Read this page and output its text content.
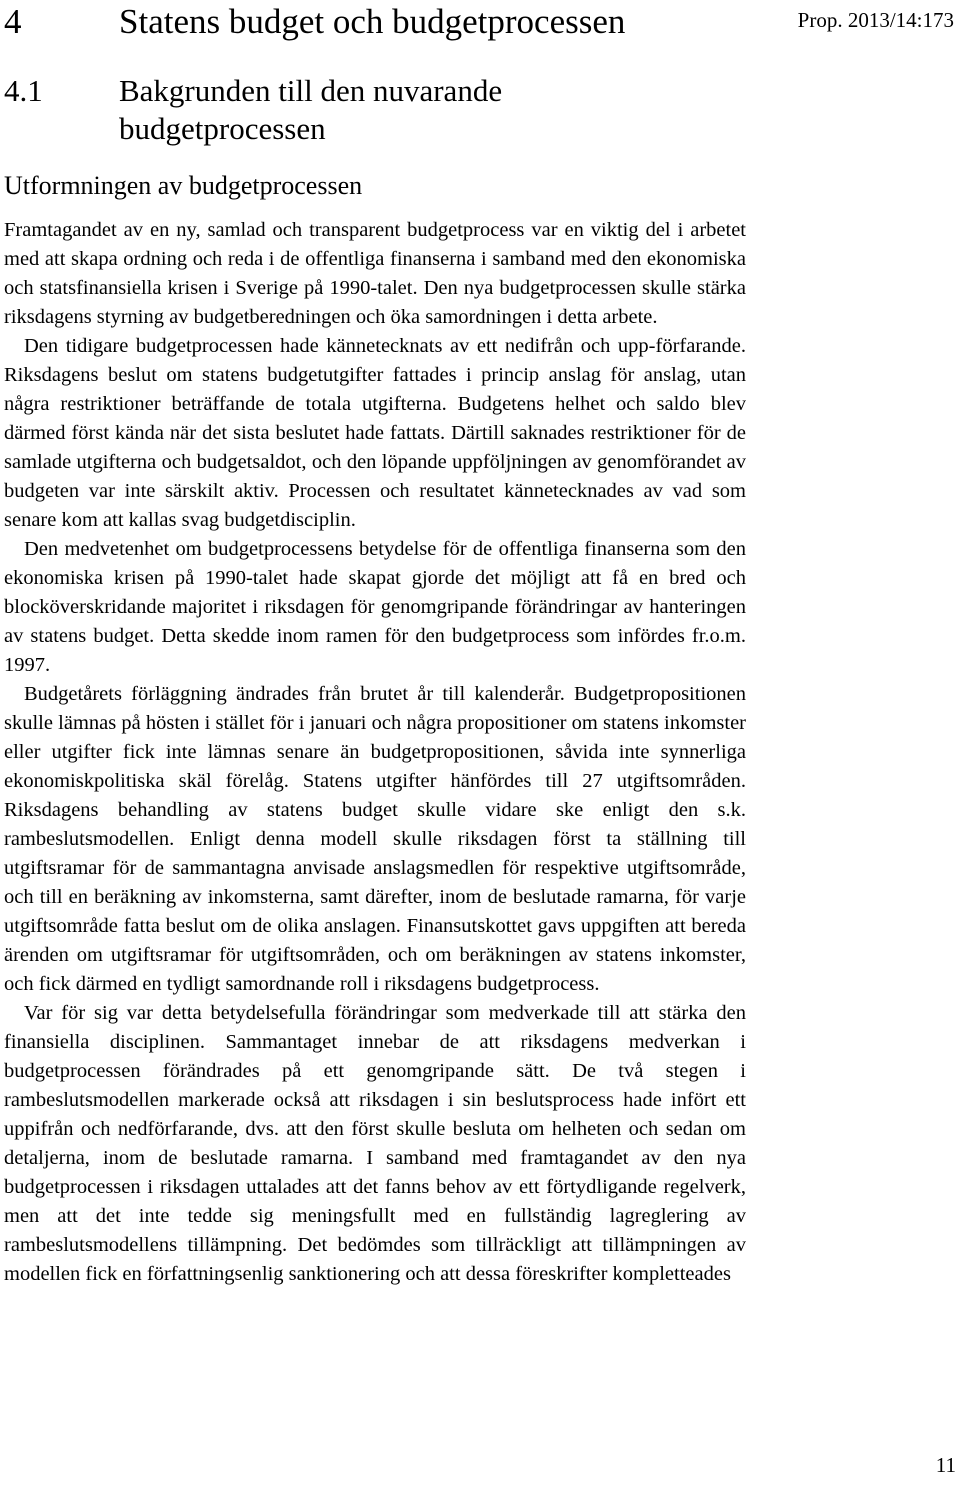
4	Statens budget och budgetprocessen	Prop. 2013/14:173
4.1 Bakgrunden till den nuvarande
budgetprocessen
Utformningen av budgetprocessen

Framtagandet av en ny, samlad och transparent budgetprocess var en viktig del i arbetet med att skapa ordning och reda i de offentliga finanserna i samband med den ekonomiska och statsfinansiella krisen i Sverige på 1990-talet. Den nya budgetprocessen skulle stärka riksdagens styrning av budgetberedningen och öka samordningen i detta arbete.

Den tidigare budgetprocessen hade kännetecknats av ett nedifrån och upp-förfarande. Riksdagens beslut om statens budgetutgifter fattades i princip anslag för anslag, utan några restriktioner beträffande de totala utgifterna. Budgetens helhet och saldo blev därmed först kända när det sista beslutet hade fattats. Därtill saknades restriktioner för de samlade utgifterna och budgetsaldot, och den löpande uppföljningen av genomförandet av budgeten var inte särskilt aktiv. Processen och resultatet kännetecknades av vad som senare kom att kallas svag budgetdisciplin.

Den medvetenhet om budgetprocessens betydelse för de offentliga finanserna som den ekonomiska krisen på 1990-talet hade skapat gjorde det möjligt att få en bred och blocköverskridande majoritet i riksdagen för genomgripande förändringar av hanteringen av statens budget. Detta skedde inom ramen för den budgetprocess som infördes fr.o.m. 1997.

Budgetårets förläggning ändrades från brutet år till kalenderår. Budgetpropositionen skulle lämnas på hösten i stället för i januari och några propositioner om statens inkomster eller utgifter fick inte lämnas senare än budgetpropositionen, såvida inte synnerliga ekonomiskpolitiska skäl förelåg. Statens utgifter hänfördes till 27 utgiftsområden. Riksdagens behandling av statens budget skulle vidare ske enligt den s.k. rambeslutsmodellen. Enligt denna modell skulle riksdagen först ta ställning till utgiftsramar för de sammantagna anvisade anslagsmedlen för respektive utgiftsområde, och till en beräkning av inkomsterna, samt därefter, inom de beslutade ramarna, för varje utgiftsområde fatta beslut om de olika anslagen. Finansutskottet gavs uppgiften att bereda ärenden om utgiftsramar för utgiftsområden, och om beräkningen av statens inkomster, och fick därmed en tydligt samordnande roll i riksdagens budgetprocess.

Var för sig var detta betydelsefulla förändringar som medverkade till att stärka den finansiella disciplinen. Sammantaget innebar de att riksdagens medverkan i budgetprocessen förändrades på ett genomgripande sätt. De två stegen i rambeslutsmodellen markerade också att riksdagen i sin beslutsprocess hade infört ett uppifrån och nedförfarande, dvs. att den först skulle besluta om helheten och sedan om detaljerna, inom de beslutade ramarna. I samband med framtagandet av den nya budgetprocessen i riksdagen uttalades att det fanns behov av ett förtydligande regelverk, men att det inte tedde sig meningsfullt med en fullständig lagreglering av rambeslutsmodellens tillämpning. Det bedömdes som tillräckligt att tillämpningen av modellen fick en författningsenlig sanktionering och att dessa föreskrifter kompletteades

11
